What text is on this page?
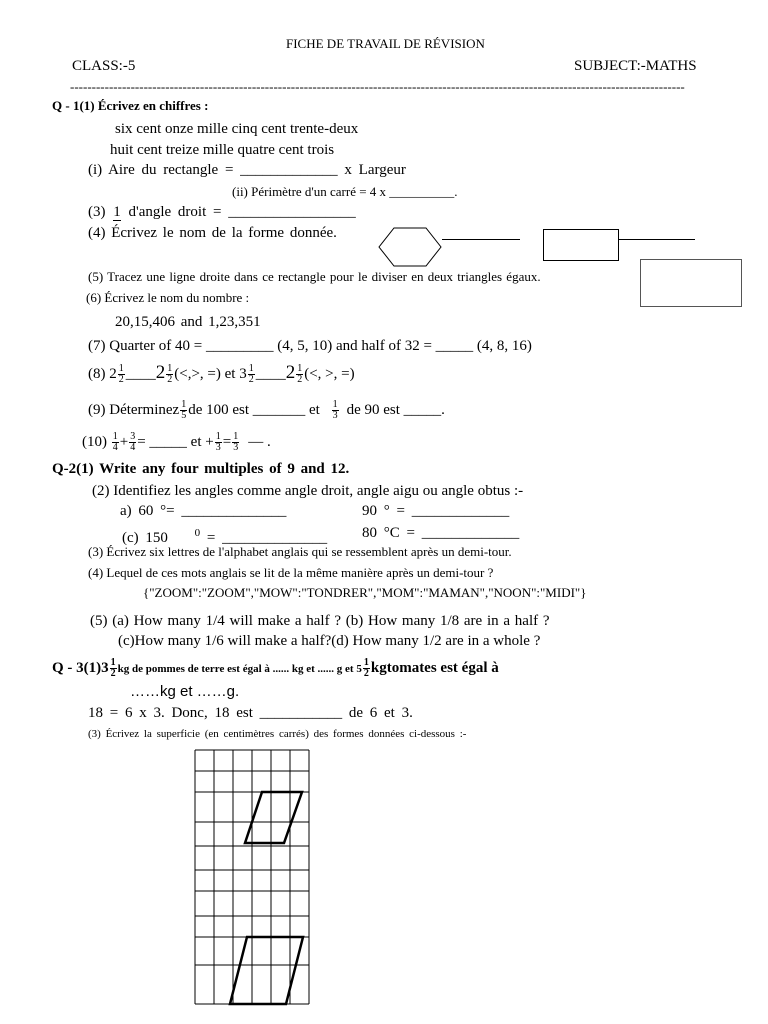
FICHE DE TRAVAIL DE RÉVISION
CLASS:-5	SUBJECT:-MATHS
----------------------------------------------------------------------------------------------------------------------------------------------
Q - 1(1) Écrivez en chiffres :
six cent onze mille cinq cent trente-deux
huit cent treize mille quatre cent trois
(i) Aire du rectangle = _____________ x Largeur
(ii) Périmètre d'un carré = 4 x __________.
(3) 1 d'angle droit = _________________
(4) Écrivez le nom de la forme donnée.
(5) Tracez une ligne droite dans ce rectangle pour le diviser en deux triangles égaux.
(6) Écrivez le nom du nombre :
20,15,406 and 1,23,351
(7) Quarter of 40 = _________ (4, 5, 10) and half of 32 = _____ (4, 8, 16)
(8) $2 \frac{1}{2}$ ____2 $\frac{1}{2}$ (<,>, =) et $3 \frac{1}{2}$ ____2 $\frac{1}{2}$ (<, >, =)
(9) Déterminez $\frac{1}{5}$ de 100 est _______ et $\frac{1}{3}$ de 90 est _____.
$(10) \frac{1}{4} + \frac{3}{4}$ = _____ et + $\frac{1}{3} = \frac{1}{3}$ — .
Q-2(1) Write any four multiples of 9 and 12.
(2) Identifiez les angles comme angle droit, angle aigu ou angle obtus :-
a) 60 °= ______________	90 ° = _____________
(c) 150 $^0$ = ______________ 80 °C = _____________
(3) Écrivez six lettres de l'alphabet anglais qui se ressemblent après un demi-tour.
(4) Lequel de ces mots anglais se lit de la même manière après un demi-tour ?
{"ZOOM":"ZOOM","MOW":"TONDRER","MOM":"MAMAN","NOON":"MIDI"}
(5) (a) How many 1/4 will make a half ? (b) How many 1/8 are in a half ?
(c)How many 1/6 will make a half?(d) How many 1/2 are in a whole ?
Q - $3(1)3 \frac{1}{2}$ kg de pommes de terre est égal à ...... kg et ...... g et $5 \frac{1}{2}$ kgtomates est égal à
……kg et ……g.
18 = 6 x 3. Donc, 18 est ___________ de 6 et 3.
(3) Écrivez la superficie (en centimètres carrés) des formes données ci-dessous :-
